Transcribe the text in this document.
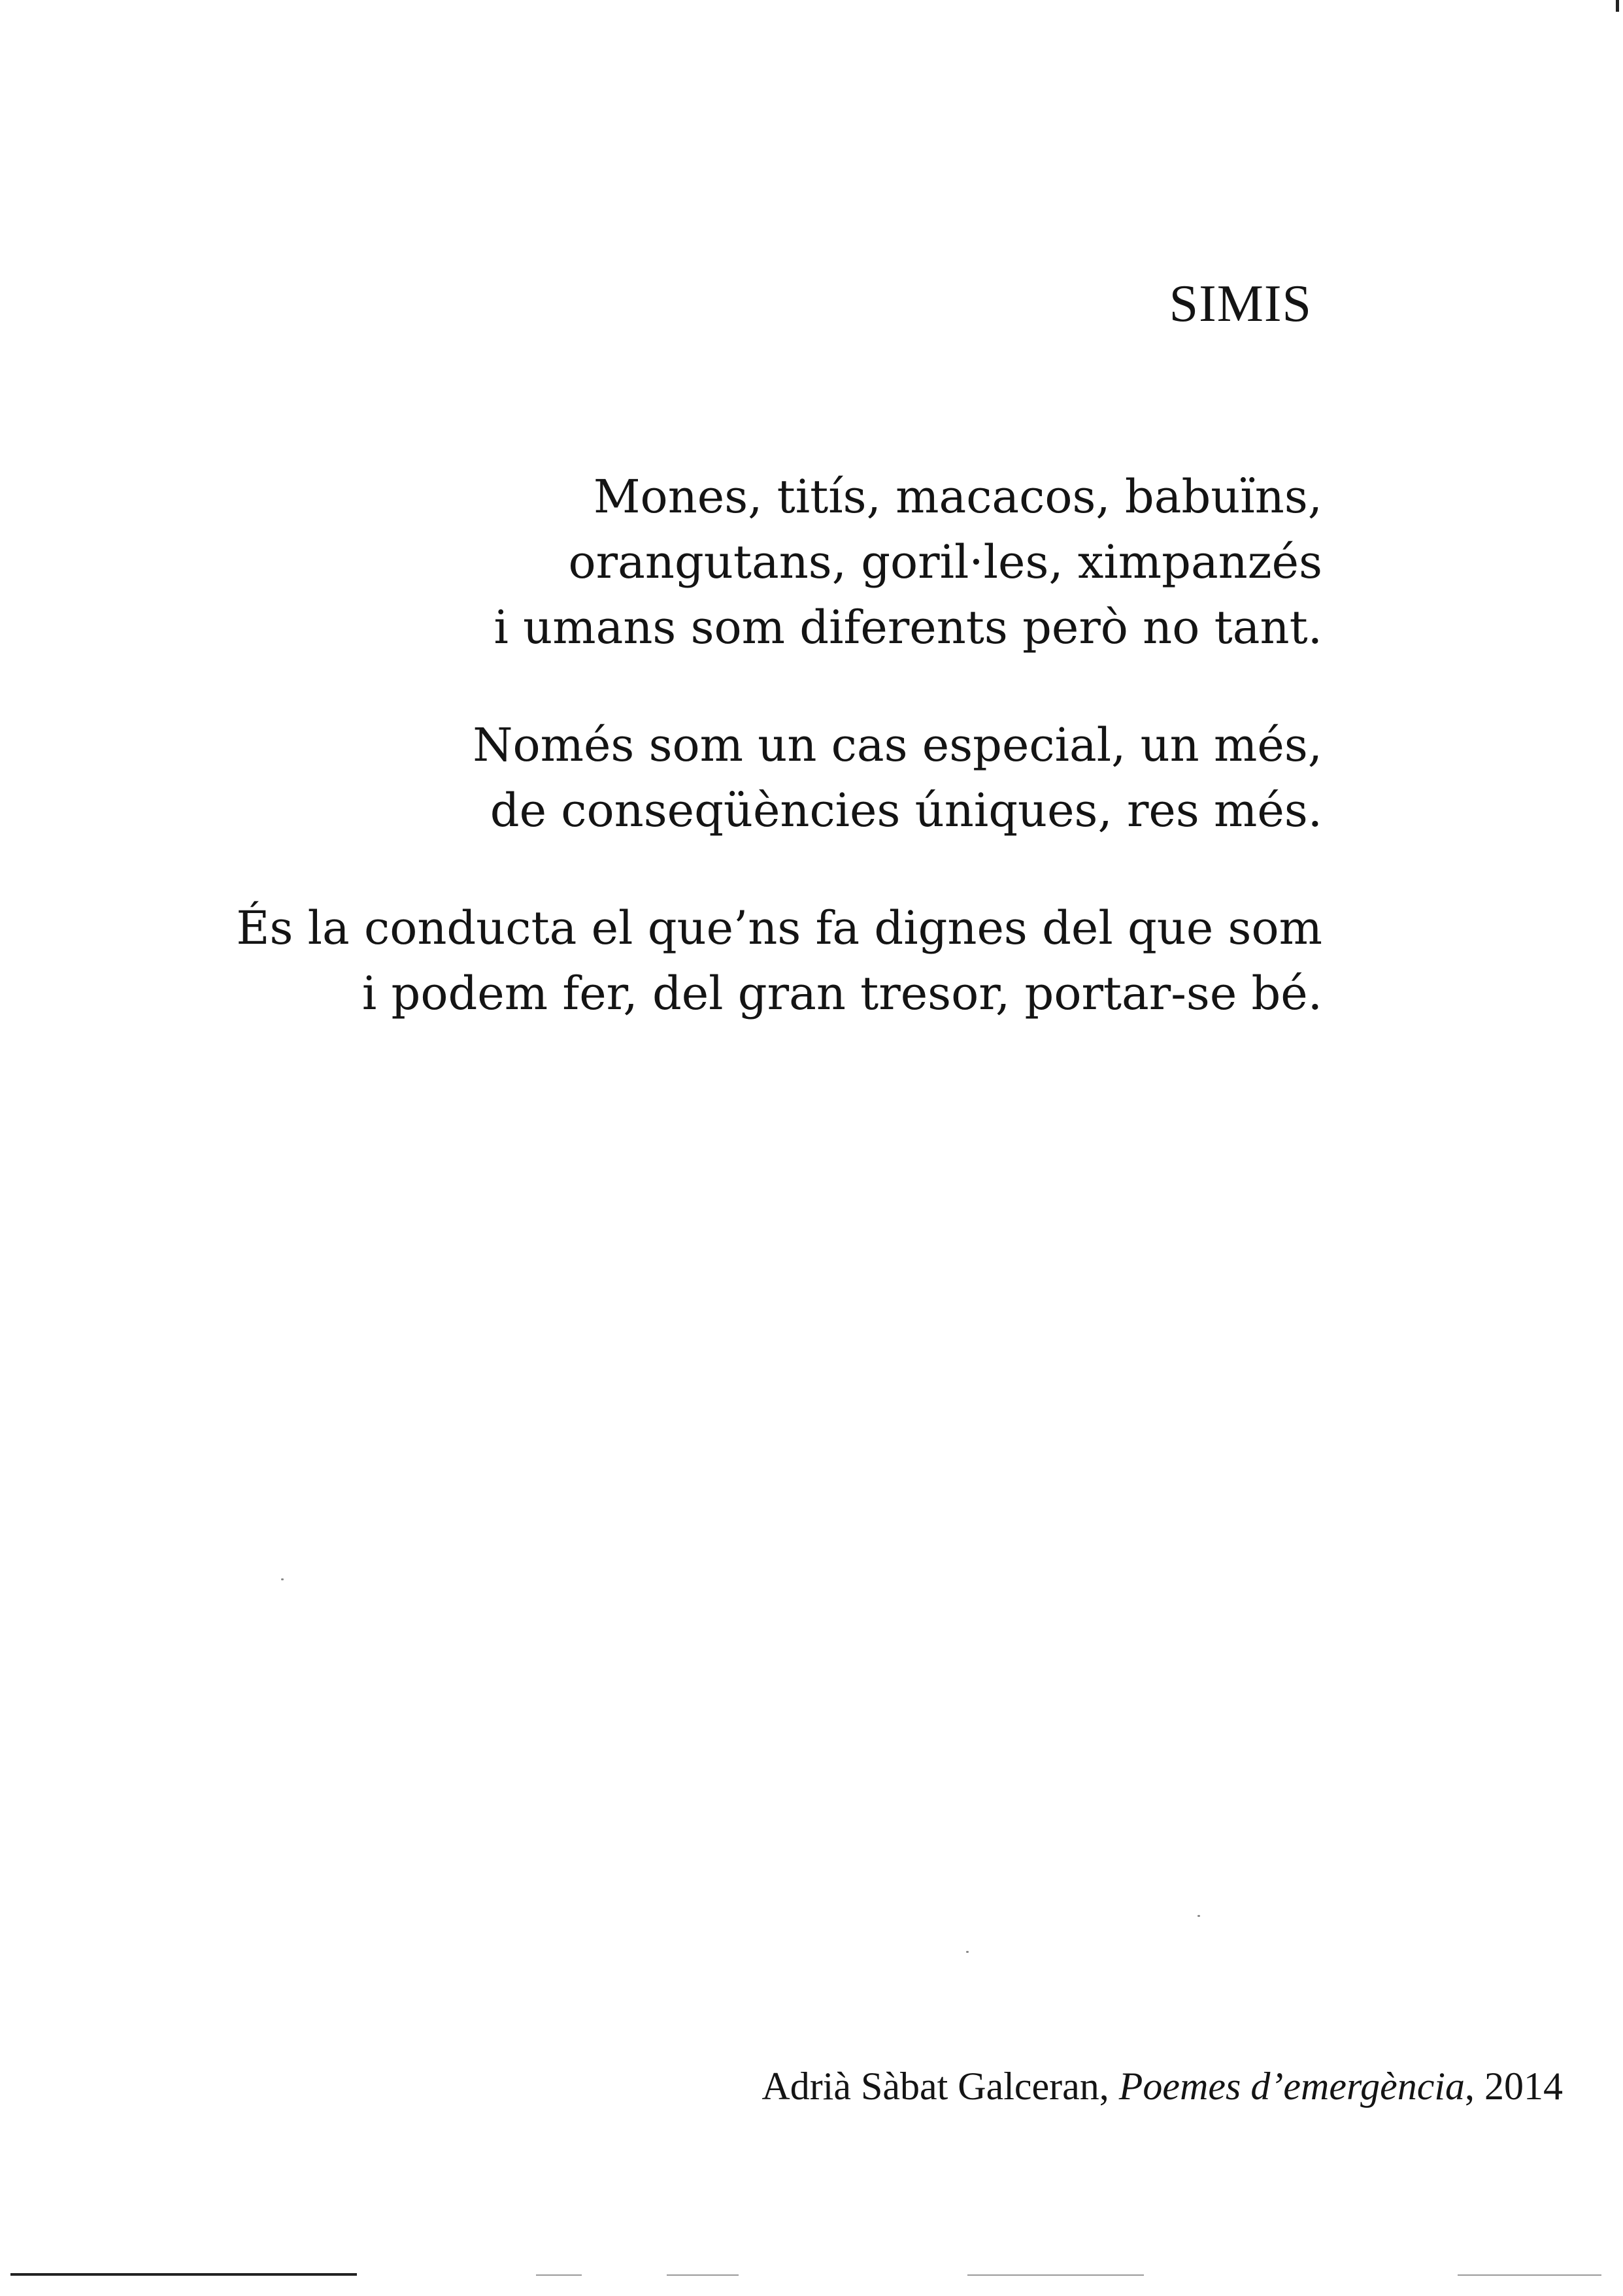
SIMIS
Mones, titís, macacos, babuïns,
orangutans, goril·les, ximpanzés
i umans som diferents però no tant.
Només som un cas especial, un més,
de conseqüències úniques, res més.
És la conducta el que’ns fa dignes del que som
i podem fer, del gran tresor, portar-se bé.
Adrià Sàbat Galceran, Poemes d’emergència, 2014
